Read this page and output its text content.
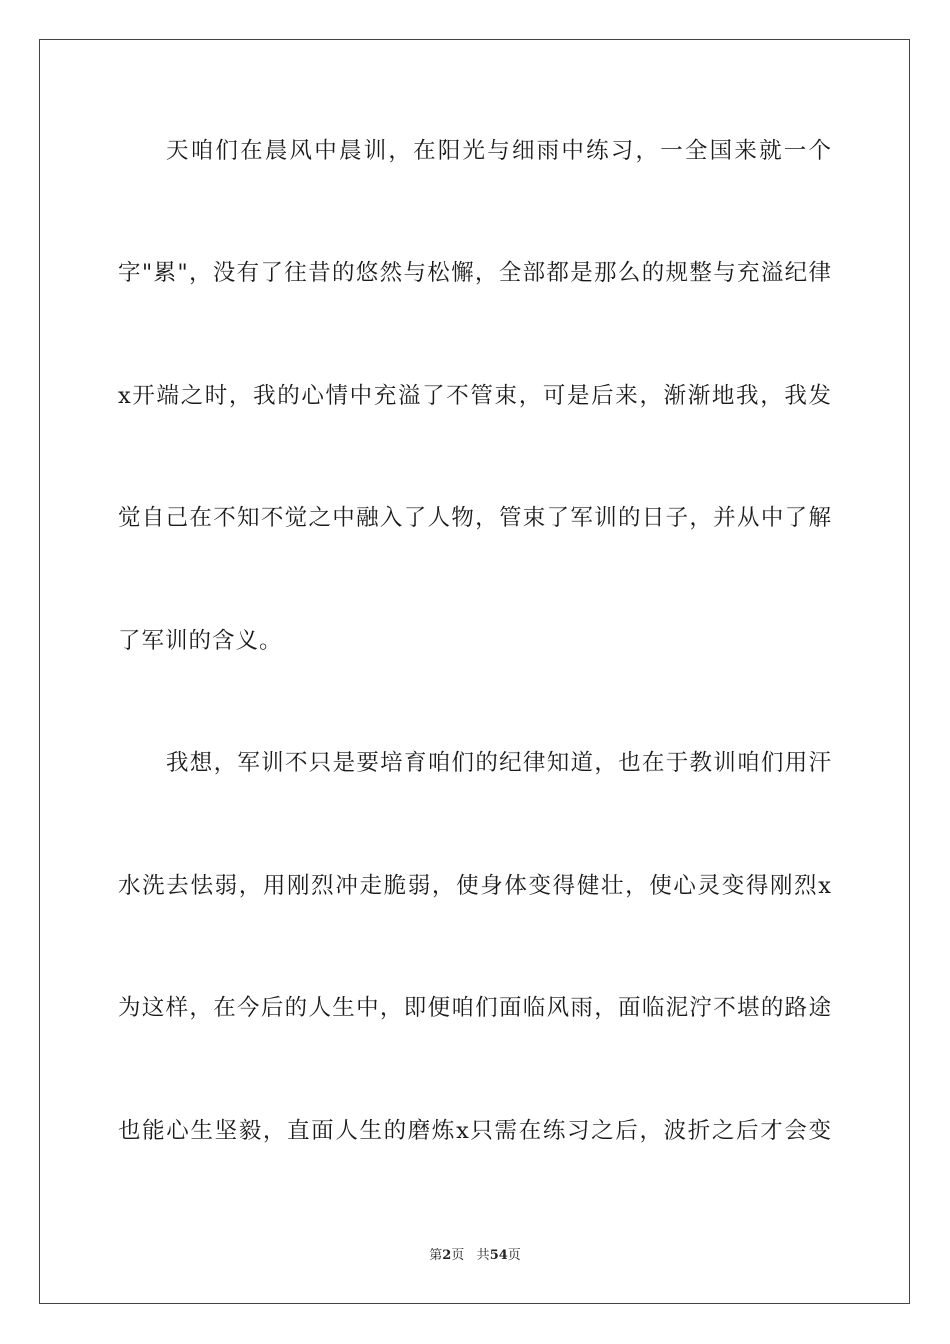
天咱们在晨风中晨训，在阳光与细雨中练习，一全国来就一个
字"累"，没有了往昔的悠然与松懈，全部都是那么的规整与充溢纪律
x开端之时，我的心情中充溢了不管束，可是后来，渐渐地我，我发
觉自己在不知不觉之中融入了人物，管束了军训的日子，并从中了解
了军训的含义。
我想，军训不只是要培育咱们的纪律知道，也在于教训咱们用汗
水洗去怯弱，用刚烈冲走脆弱，使身体变得健壮，使心灵变得刚烈x
为这样，在今后的人生中，即便咱们面临风雨，面临泥泞不堪的路途
也能心生坚毅，直面人生的磨炼x只需在练习之后，波折之后才会变
第2页 共54页
